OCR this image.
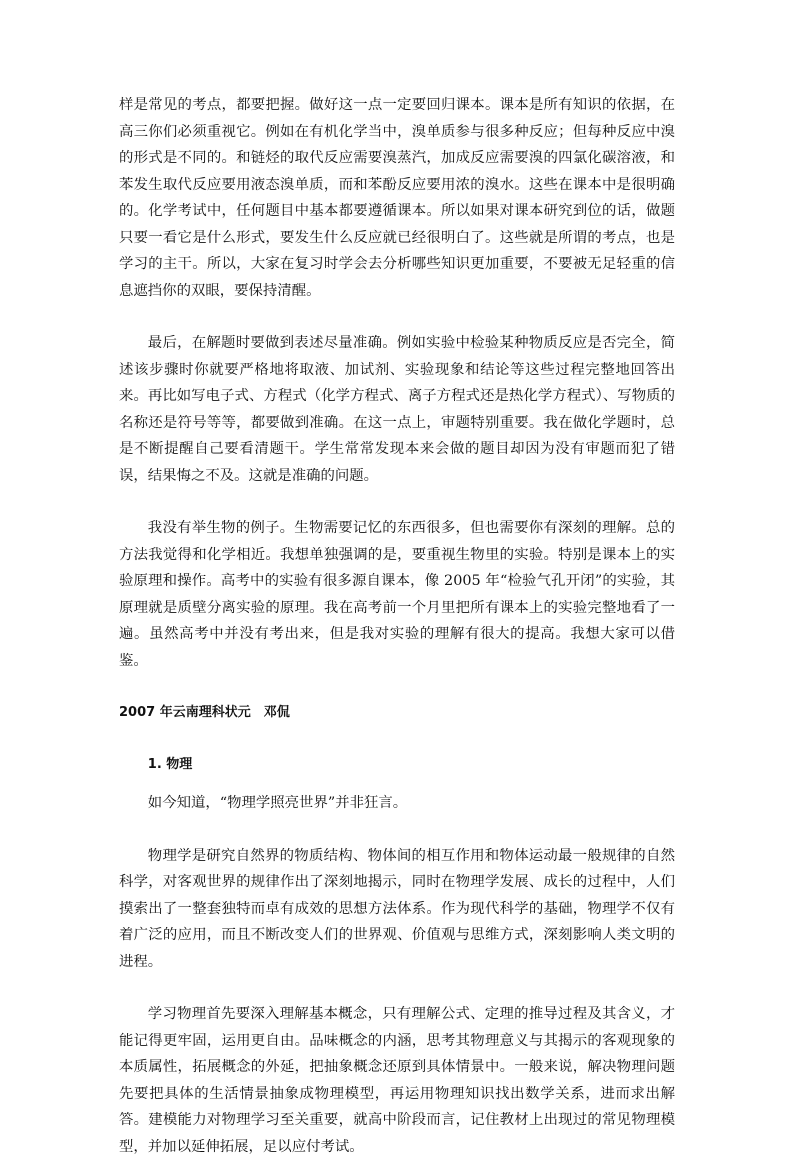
样是常见的考点，都要把握。做好这一点一定要回归课本。课本是所有知识的依据，在高三你们必须重视它。例如在有机化学当中，溴单质参与很多种反应；但每种反应中溴的形式是不同的。和链烃的取代反应需要溴蒸汽，加成反应需要溴的四氯化碳溶液，和苯发生取代反应要用液态溴单质，而和苯酚反应要用浓的溴水。这些在课本中是很明确的。化学考试中，任何题目中基本都要遵循课本。所以如果对课本研究到位的话，做题只要一看它是什么形式，要发生什么反应就已经很明白了。这些就是所谓的考点，也是学习的主干。所以，大家在复习时学会去分析哪些知识更加重要，不要被无足轻重的信息遮挡你的双眼，要保持清醒。

最后，在解题时要做到表述尽量准确。例如实验中检验某种物质反应是否完全，简述该步骤时你就要严格地将取液、加试剂、实验现象和结论等这些过程完整地回答出来。再比如写电子式、方程式（化学方程式、离子方程式还是热化学方程式）、写物质的名称还是符号等等，都要做到准确。在这一点上，审题特别重要。我在做化学题时，总是不断提醒自己要看清题干。学生常常发现本来会做的题目却因为没有审题而犯了错误，结果悔之不及。这就是准确的问题。

我没有举生物的例子。生物需要记忆的东西很多，但也需要你有深刻的理解。总的方法我觉得和化学相近。我想单独强调的是，要重视生物里的实验。特别是课本上的实验原理和操作。高考中的实验有很多源自课本，像 2005 年“检验气孔开闭”的实验，其原理就是质壁分离实验的原理。我在高考前一个月里把所有课本上的实验完整地看了一遍。虽然高考中并没有考出来，但是我对实验的理解有很大的提高。我想大家可以借鉴。

2007 年云南理科状元　邓侃

1. 物理

如今知道，“物理学照亮世界”并非狂言。

物理学是研究自然界的物质结构、物体间的相互作用和物体运动最一般规律的自然科学，对客观世界的规律作出了深刻地揭示，同时在物理学发展、成长的过程中，人们摸索出了一整套独特而卓有成效的思想方法体系。作为现代科学的基础，物理学不仅有着广泛的应用，而且不断改变人们的世界观、价值观与思维方式，深刻影响人类文明的进程。

学习物理首先要深入理解基本概念，只有理解公式、定理的推导过程及其含义，才能记得更牢固，运用更自由。品味概念的内涵，思考其物理意义与其揭示的客观现象的本质属性，拓展概念的外延，把抽象概念还原到具体情景中。一般来说，解决物理问题先要把具体的生活情景抽象成物理模型，再运用物理知识找出数学关系，进而求出解答。建模能力对物理学习至关重要，就高中阶段而言，记住教材上出现过的常见物理模型，并加以延伸拓展，足以应付考试。
